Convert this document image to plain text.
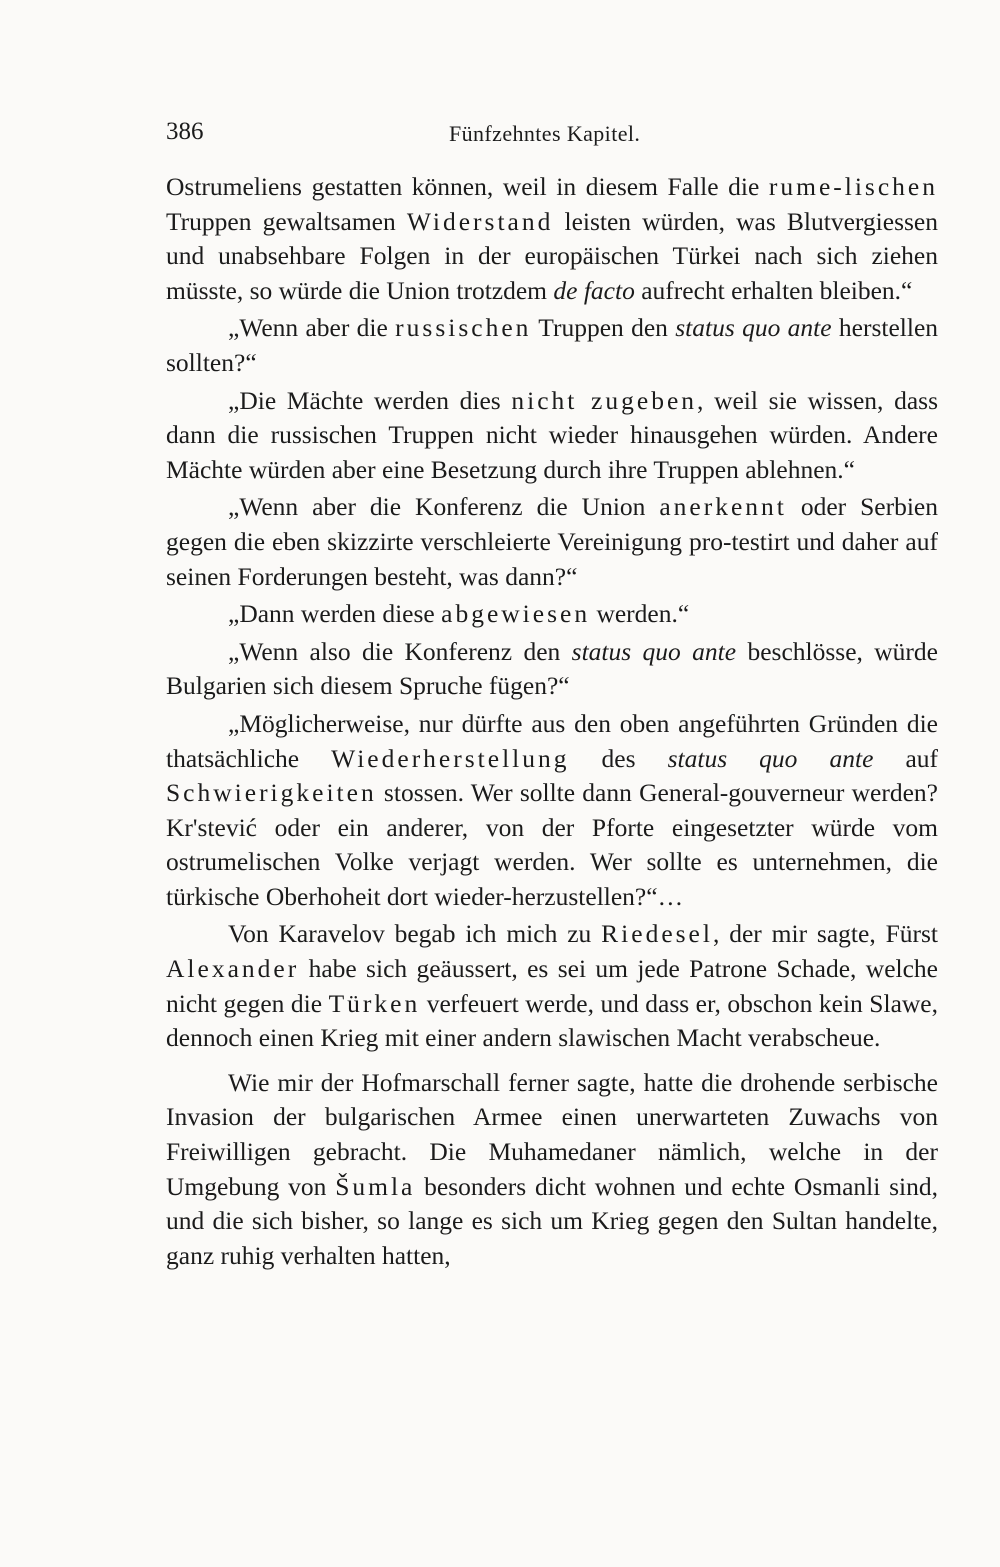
386	Fünfzehntes Kapitel.

Ostrumeliens gestatten können, weil in diesem Falle die rume-lischen Truppen gewaltsamen Widerstand leisten würden, was Blutvergiessen und unabsehbare Folgen in der europäischen Türkei nach sich ziehen müsste, so würde die Union trotzdem de facto aufrecht erhalten bleiben.“

„Wenn aber die russischen Truppen den status quo ante herstellen sollten?“

„Die Mächte werden dies nicht zugeben, weil sie wissen, dass dann die russischen Truppen nicht wieder hinausgehen würden. Andere Mächte würden aber eine Besetzung durch ihre Truppen ablehnen.“

„Wenn aber die Konferenz die Union anerkennt oder Serbien gegen die eben skizzirte verschleierte Vereinigung pro-testirt und daher auf seinen Forderungen besteht, was dann?“

„Dann werden diese abgewiesen werden.“

„Wenn also die Konferenz den status quo ante beschlösse, würde Bulgarien sich diesem Spruche fügen?“

„Möglicherweise, nur dürfte aus den oben angeführten Gründen die thatsächliche Wiederherstellung des status quo ante auf Schwierigkeiten stossen. Wer sollte dann General-gouverneur werden? Kr'stević oder ein anderer, von der Pforte eingesetzter würde vom ostrumelischen Volke verjagt werden. Wer sollte es unternehmen, die türkische Oberhoheit dort wieder-herzustellen?“…

Von Karavelov begab ich mich zu Riedesel, der mir sagte, Fürst Alexander habe sich geäussert, es sei um jede Patrone Schade, welche nicht gegen die Türken verfeuert werde, und dass er, obschon kein Slawe, dennoch einen Krieg mit einer andern slawischen Macht verabscheue.

Wie mir der Hofmarschall ferner sagte, hatte die drohende serbische Invasion der bulgarischen Armee einen unerwarteten Zuwachs von Freiwilligen gebracht. Die Muhamedaner nämlich, welche in der Umgebung von Šumla besonders dicht wohnen und echte Osmanli sind, und die sich bisher, so lange es sich um Krieg gegen den Sultan handelte, ganz ruhig verhalten hatten,
